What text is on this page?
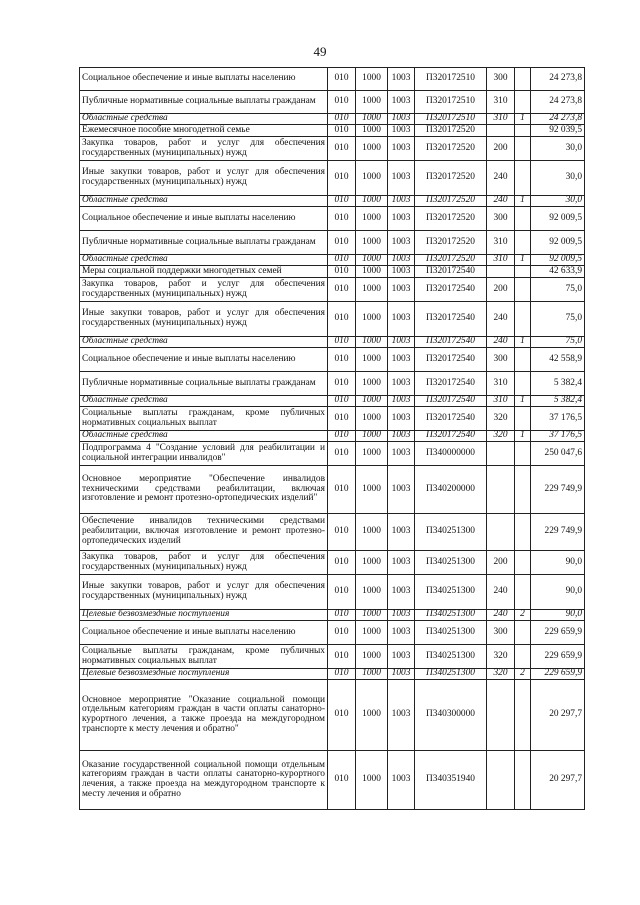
49
Социальное обеспечение и иные выплаты населению	010	1000	1003	П320172510	300		24 273,8
Публичные нормативные социальные выплаты гражданам	010	1000	1003	П320172510	310		24 273,8
Областные средства	010	1000	1003	П320172510	310	1	24 273,8
Ежемесячное пособие многодетной семье	010	1000	1003	П320172520			92 039,5
Закупка товаров, работ и услуг для обеспечения государственных (муниципальных) нужд	010	1000	1003	П320172520	200		30,0
Иные закупки товаров, работ и услуг для обеспечения государственных (муниципальных) нужд	010	1000	1003	П320172520	240		30,0
Областные средства	010	1000	1003	П320172520	240	1	30,0
Социальное обеспечение и иные выплаты населению	010	1000	1003	П320172520	300		92 009,5
Публичные нормативные социальные выплаты гражданам	010	1000	1003	П320172520	310		92 009,5
Областные средства	010	1000	1003	П320172520	310	1	92 009,5
Меры социальной поддержки многодетных семей	010	1000	1003	П320172540			42 633,9
Закупка товаров, работ и услуг для обеспечения государственных (муниципальных) нужд	010	1000	1003	П320172540	200		75,0
Иные закупки товаров, работ и услуг для обеспечения государственных (муниципальных) нужд	010	1000	1003	П320172540	240		75,0
Областные средства	010	1000	1003	П320172540	240	1	75,0
Социальное обеспечение и иные выплаты населению	010	1000	1003	П320172540	300		42 558,9
Публичные нормативные социальные выплаты гражданам	010	1000	1003	П320172540	310		5 382,4
Областные средства	010	1000	1003	П320172540	310	1	5 382,4
Социальные выплаты гражданам, кроме публичных нормативных социальных выплат	010	1000	1003	П320172540	320		37 176,5
Областные средства	010	1000	1003	П320172540	320	1	37 176,5
Подпрограмма 4 "Создание условий для реабилитации и социальной интеграции инвалидов"	010	1000	1003	П340000000			250 047,6
Основное мероприятие "Обеспечение инвалидов техническими средствами реабилитации, включая изготовление и ремонт протезно-ортопедических изделий"	010	1000	1003	П340200000			229 749,9
Обеспечение инвалидов техническими средствами реабилитации, включая изготовление и ремонт протезно-ортопедических изделий	010	1000	1003	П340251300			229 749,9
Закупка товаров, работ и услуг для обеспечения государственных (муниципальных) нужд	010	1000	1003	П340251300	200		90,0
Иные закупки товаров, работ и услуг для обеспечения государственных (муниципальных) нужд	010	1000	1003	П340251300	240		90,0
Целевые безвозмездные поступления	010	1000	1003	П340251300	240	2	90,0
Социальное обеспечение и иные выплаты населению	010	1000	1003	П340251300	300		229 659,9
Социальные выплаты гражданам, кроме публичных нормативных социальных выплат	010	1000	1003	П340251300	320		229 659,9
Целевые безвозмездные поступления	010	1000	1003	П340251300	320	2	229 659,9
Основное мероприятие "Оказание социальной помощи отдельным категориям граждан в части оплаты санаторно-курортного лечения, а также проезда на междугородном транспорте к месту лечения и обратно"	010	1000	1003	П340300000			20 297,7
Оказание государственной социальной помощи отдельным категориям граждан в части оплаты санаторно-курортного лечения, а также проезда на междугородном транспорте к месту лечения и обратно	010	1000	1003	П340351940			20 297,7
